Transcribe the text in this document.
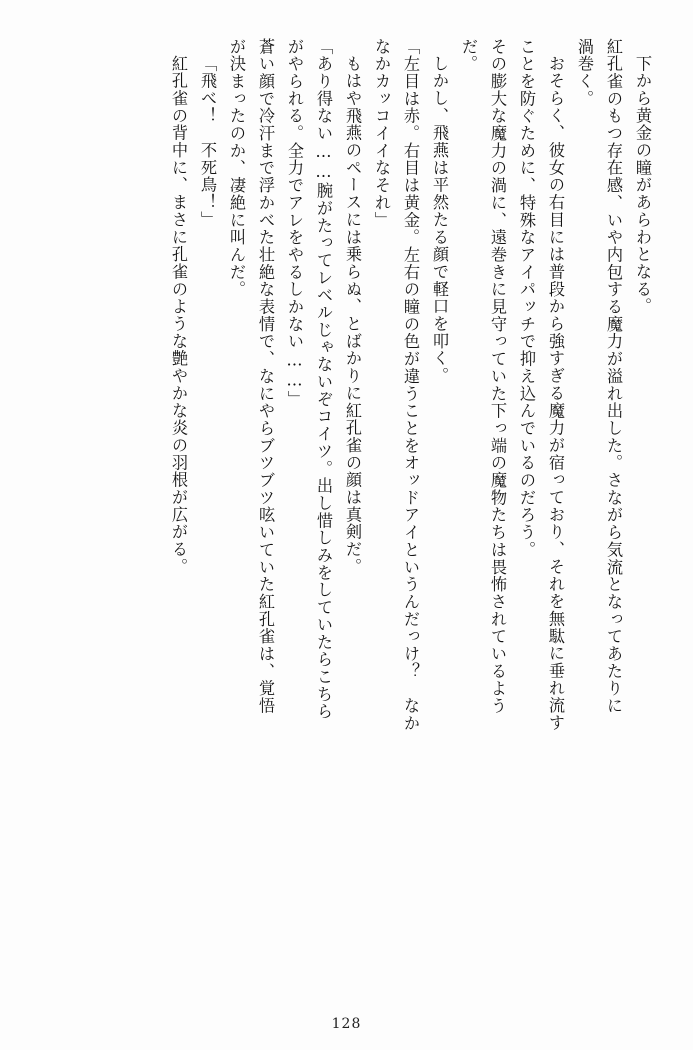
下から黄金の瞳があらわとなる。
紅孔雀のもつ存在感、いや内包する魔力が溢れ出した。さながら気流となってあたりに
渦巻く。
おそらく、彼女の右目には普段から強すぎる魔力が宿っており、それを無駄に垂れ流す
ことを防ぐために、特殊なアイパッチで抑え込んでいるのだろう。
その膨大な魔力の渦に、遠巻きに見守っていた下っ端の魔物たちは畏怖されているよう
だ。
しかし、飛燕は平然たる顔で軽口を叩く。
「左目は赤。右目は黄金。左右の瞳の色が違うことをオッドアイというんだっけ？　なか
なかカッコイイなそれ」
もはや飛燕のペースには乗らぬ、とばかりに紅孔雀の顔は真剣だ。
「あり得ない……腕がたってレベルじゃないぞコイツ。出し惜しみをしていたらこちら
がやられる。全力でアレをやるしかない……」
蒼い顔で冷汗まで浮かべた壮絶な表情で、なにやらブツブツ呟いていた紅孔雀は、覚悟
が決まったのか、凄絶に叫んだ。
「飛べ！　不死鳥！」
紅孔雀の背中に、まさに孔雀のような艶やかな炎の羽根が広がる。
128
